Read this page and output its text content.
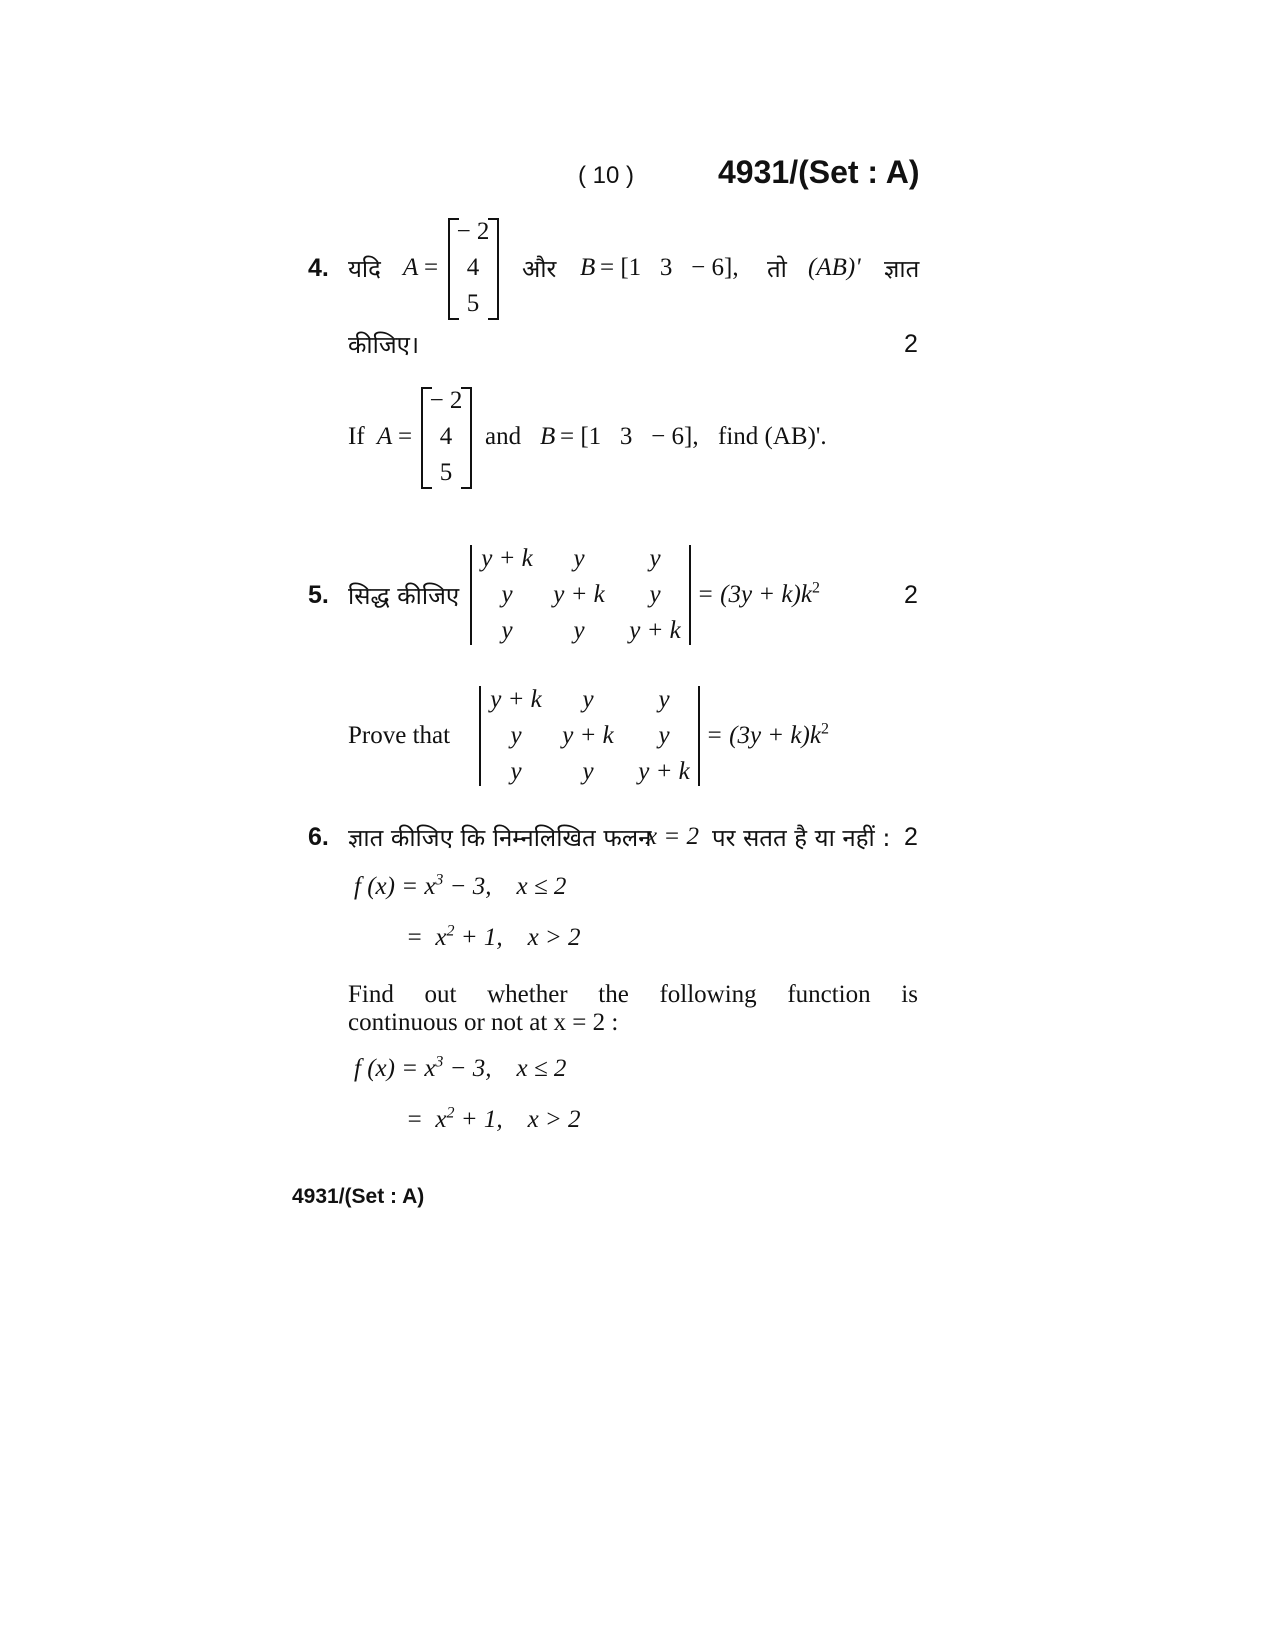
( 10 )	4931/(Set : A)
4. यदि A =
− 2
4
5
और B = [1   3   − 6], तो (AB)' ज्ञात
कीजिए।	2
If A =
− 2
4
5
and B = [1   3   − 6], find (AB)'.
5. सिद्ध कीजिए
y + k	y	y
y	y + k	y
y	y	y + k
= $(3y + k)k^2$	2
Prove that
y + k	y	y
y	y + k	y
y	y	y + k
= $(3y + k)k^2$
6. ज्ञात कीजिए कि निम्नलिखित फलन
x = 2 पर सतत है या नहीं : 2
f $(x) = x^3 - 3$,    x ≤ 2
=  $x^2 + 1$,    x > 2
Find out whether the following function is
continuous or not at x = 2 :
f $(x) = x^3 - 3$,    x ≤ 2
=  $x^2 + 1$,    x > 2
4931/(Set : A)
